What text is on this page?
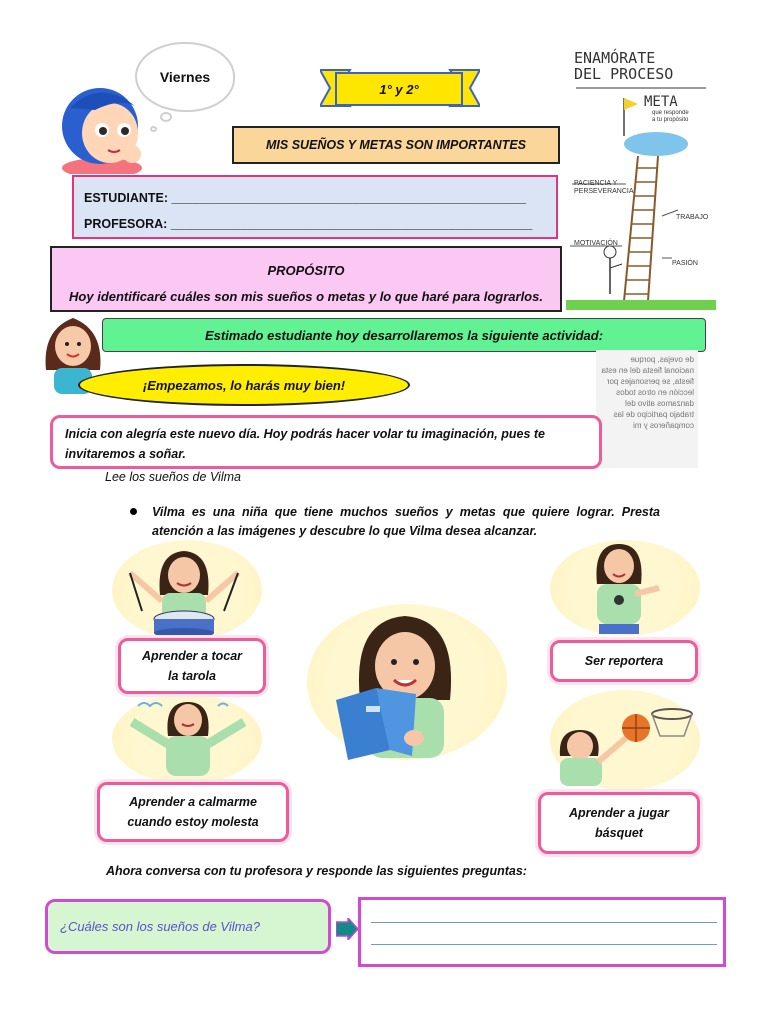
Viernes
1° y 2°
MIS SUEÑOS Y METAS SON IMPORTANTES
ENAMÓRATE
DEL PROCESO
META
que responde
a tu propósito
PACIENCIA Y
PERSEVERANCIA
TRABAJO
MOTIVACIÓN
PASIÓN
ESTUDIANTE: ___________________________________________________
PROFESORA: ____________________________________________________
PROPÓSITO
Hoy identificaré cuáles son mis sueños o metas y lo que haré para lograrlos.
Estimado estudiante hoy desarrollaremos la siguiente actividad:
de ovejas, porque nacional fiesta del en esta fiesta, se personajes por lección en otros todos danzamos ativo del trabajo participo de las compañeros y mi
¡Empezamos, lo harás muy bien!
Inicia con alegría este nuevo día. Hoy podrás hacer volar tu imaginación, pues te invitaremos a soñar.
Lee los sueños de Vilma
Vilma es una niña que tiene muchos sueños y metas que quiere lograr. Presta atención a las imágenes y descubre lo que Vilma desea alcanzar.
Aprender a tocar
la tarola
Ser reportera
Aprender a calmarme
cuando estoy molesta
Aprender a jugar
básquet
Ahora conversa con tu profesora y responde las siguientes preguntas:
¿Cuáles son los sueños de Vilma?
